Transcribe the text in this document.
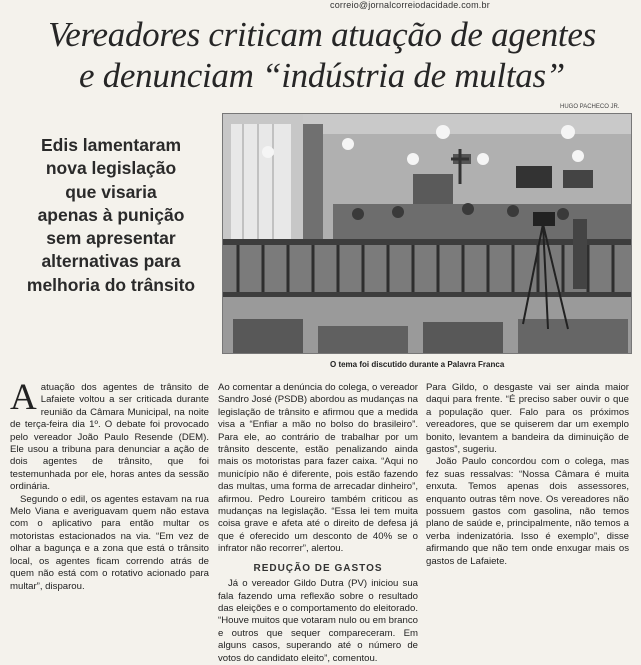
correio@jornalcorreiodacidade.com.br
Vereadores criticam atuação de agentes
e denunciam “indústria de multas”
HUGO PACHECO JR.
Edis lamentaram
nova legislação
que visaria
apenas à punição
sem apresentar
alternativas para
melhoria do trânsito
O tema foi discutido durante a Palavra Franca

Aatuação dos agentes de trânsito de Lafaiete voltou a ser criticada durante reunião da Câmara Municipal, na noite de terça-feira dia 1º. O debate foi provocado pelo vereador João Paulo Resende (DEM). Ele usou a tribuna para denunciar a ação de dois agentes de trânsito, que foi testemunhada por ele, horas antes da sessão ordinária.

Segundo o edil, os agentes estavam na rua Melo Viana e averiguavam quem não estava com o aplicativo para então multar os motoristas estacionados na via. “Em vez de olhar a bagunça e a zona que está o trânsito local, os agentes ficam correndo atrás de quem não está com o rotativo acionado para multar”, disparou.

Ao comentar a denúncia do colega, o vereador Sandro José (PSDB) abordou as mudanças na legislação de trânsito e afirmou que a medida visa a “Enfiar a mão no bolso do brasileiro”. Para ele, ao contrário de trabalhar por um trânsito descente, estão penalizando ainda mais os motoristas para fazer caixa. “Aqui no município não é diferente, pois estão fazendo das multas, uma forma de arrecadar dinheiro”, afirmou. Pedro Loureiro também criticou as mudanças na legislação. “Essa lei tem muita coisa grave e afeta até o direito de defesa já que é oferecido um desconto de 40% se o infrator não recorrer”, alertou.

REDUÇÃO DE GASTOS

Já o vereador Gildo Dutra (PV) iniciou sua fala fazendo uma reflexão sobre o resultado das eleições e o comportamento do eleitorado. “Houve muitos que votaram nulo ou em branco e outros que sequer compareceram. Em alguns casos, superando até o número de votos do candidato eleito”, comentou.

Para Gildo, o desgaste vai ser ainda maior daqui para frente. “É preciso saber ouvir o que a população quer. Falo para os próximos vereadores, que se quiserem dar um exemplo bonito, levantem a bandeira da diminuição de gastos”, sugeriu.

João Paulo concordou com o colega, mas fez suas ressalvas: “Nossa Câmara é muita enxuta. Temos apenas dois assessores, enquanto outras têm nove. Os vereadores não possuem gastos com gasolina, não temos plano de saúde e, principalmente, não temos a verba indenizatória. Isso é exemplo”, disse afirmando que não tem onde enxugar mais os gastos de Lafaiete.
